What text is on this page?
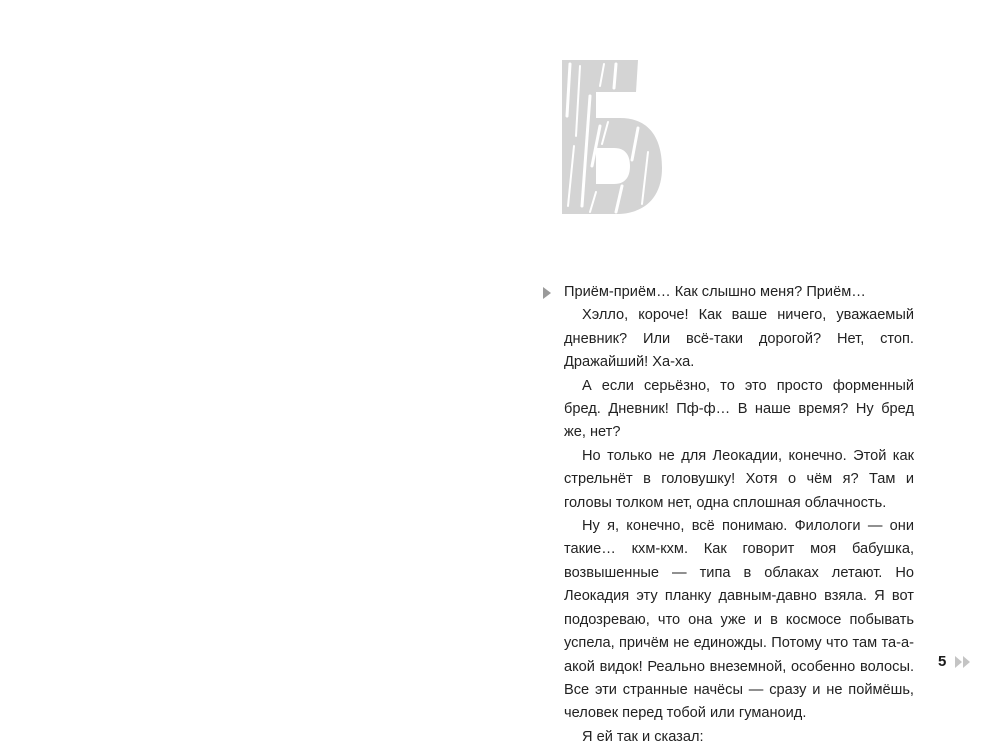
Приём-приём… Как слышно меня? Приём…

Хэлло, короче! Как ваше ничего, уважаемый дневник? Или всё-таки дорогой? Нет, стоп. Дражайший! Ха-ха.

А если серьёзно, то это просто форменный бред. Дневник! Пф-ф… В наше время? Ну бред же, нет?

Но только не для Леокадии, конечно. Этой как стрельнёт в головушку! Хотя о чём я? Там и головы толком нет, одна сплошная облачность.

Ну я, конечно, всё понимаю. Филологи — они такие… кхм-кхм. Как говорит моя бабушка, возвышенные — типа в облаках летают. Но Леокадия эту планку давным-давно взяла. Я вот подозреваю, что она уже и в космосе побывать успела, причём не единожды. Потому что там та-а-акой видок! Реально внеземной, особенно волосы. Все эти странные начёсы — сразу и не поймёшь, человек перед тобой или гуманоид.

Я ей так и сказал:

5
